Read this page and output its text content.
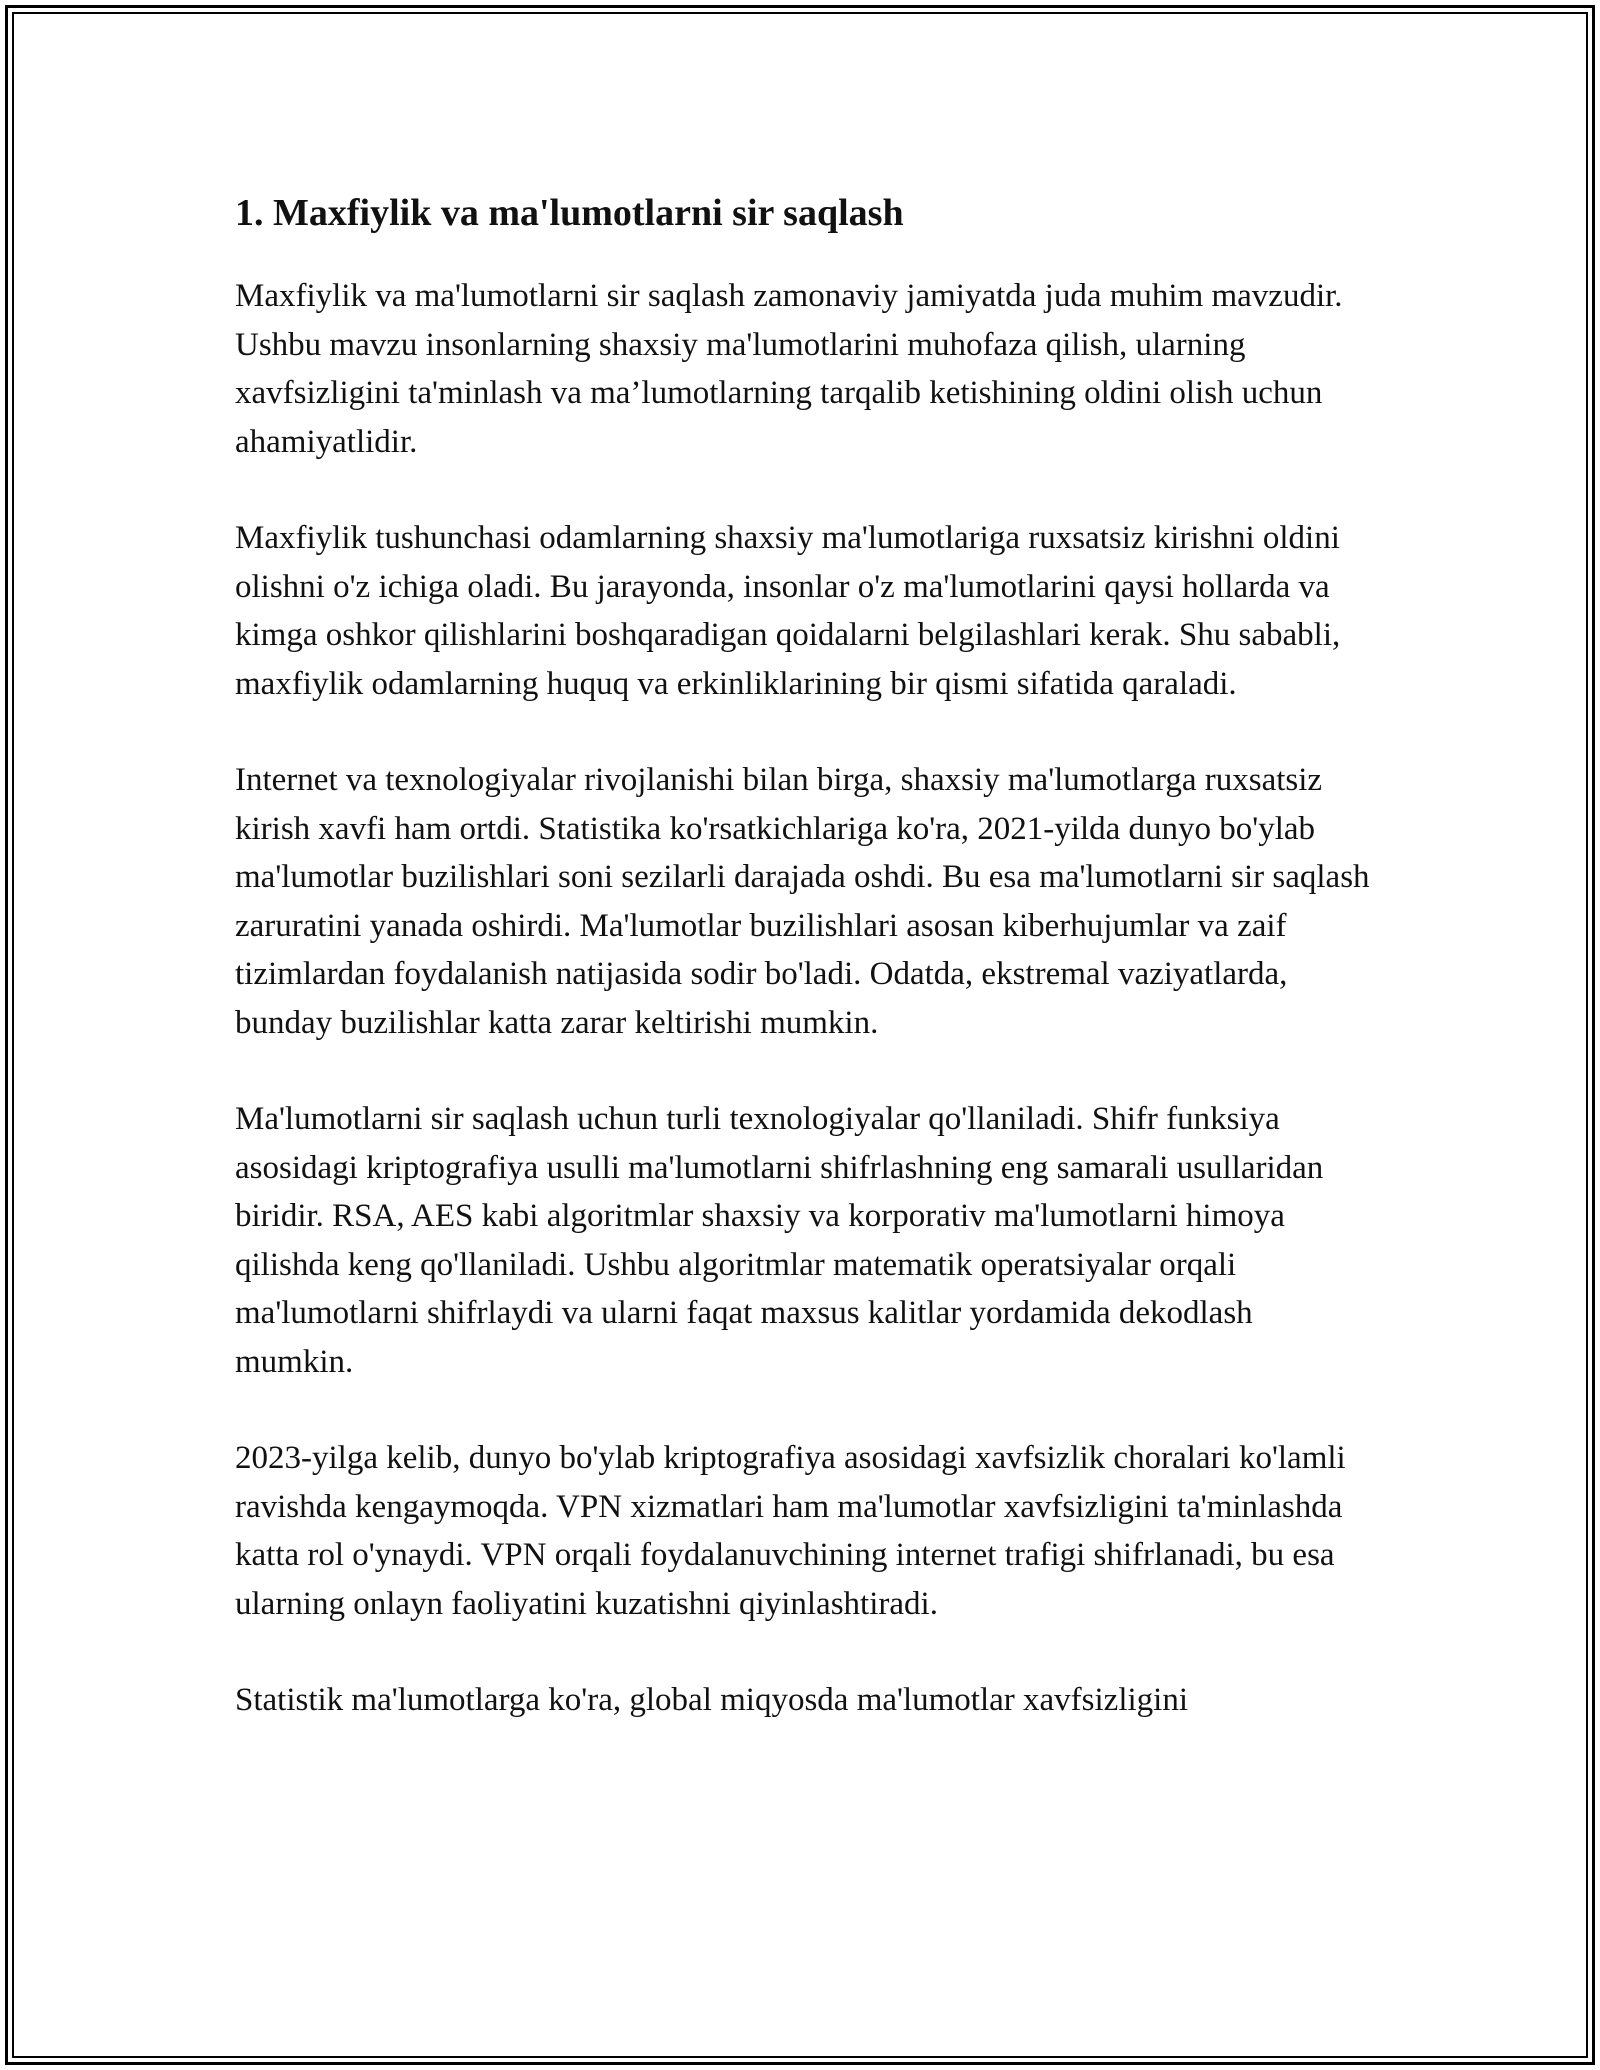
1. Maxfiylik va ma'lumotlarni sir saqlash

Maxfiylik va ma'lumotlarni sir saqlash zamonaviy jamiyatda juda muhim mavzudir. Ushbu mavzu insonlarning shaxsiy ma'lumotlarini muhofaza qilish, ularning xavfsizligini ta'minlash va ma’lumotlarning tarqalib ketishining oldini olish uchun ahamiyatlidir.

Maxfiylik tushunchasi odamlarning shaxsiy ma'lumotlariga ruxsatsiz kirishni oldini olishni o'z ichiga oladi. Bu jarayonda, insonlar o'z ma'lumotlarini qaysi hollarda va kimga oshkor qilishlarini boshqaradigan qoidalarni belgilashlari kerak. Shu sababli, maxfiylik odamlarning huquq va erkinliklarining bir qismi sifatida qaraladi.

Internet va texnologiyalar rivojlanishi bilan birga, shaxsiy ma'lumotlarga ruxsatsiz kirish xavfi ham ortdi. Statistika ko'rsatkichlariga ko'ra, 2021-yilda dunyo bo'ylab ma'lumotlar buzilishlari soni sezilarli darajada oshdi. Bu esa ma'lumotlarni sir saqlash zaruratini yanada oshirdi. Ma'lumotlar buzilishlari asosan kiberhujumlar va zaif tizimlardan foydalanish natijasida sodir bo'ladi. Odatda, ekstremal vaziyatlarda, bunday buzilishlar katta zarar keltirishi mumkin.

Ma'lumotlarni sir saqlash uchun turli texnologiyalar qo'llaniladi. Shifr funksiya asosidagi kriptografiya usulli ma'lumotlarni shifrlashning eng samarali usullaridan biridir. RSA, AES kabi algoritmlar shaxsiy va korporativ ma'lumotlarni himoya qilishda keng qo'llaniladi. Ushbu algoritmlar matematik operatsiyalar orqali ma'lumotlarni shifrlaydi va ularni faqat maxsus kalitlar yordamida dekodlash mumkin.

2023-yilga kelib, dunyo bo'ylab kriptografiya asosidagi xavfsizlik choralari ko'lamli ravishda kengaymoqda. VPN xizmatlari ham ma'lumotlar xavfsizligini ta'minlashda katta rol o'ynaydi. VPN orqali foydalanuvchining internet trafigi shifrlanadi, bu esa ularning onlayn faoliyatini kuzatishni qiyinlashtiradi.

Statistik ma'lumotlarga ko'ra, global miqyosda ma'lumotlar xavfsizligini
